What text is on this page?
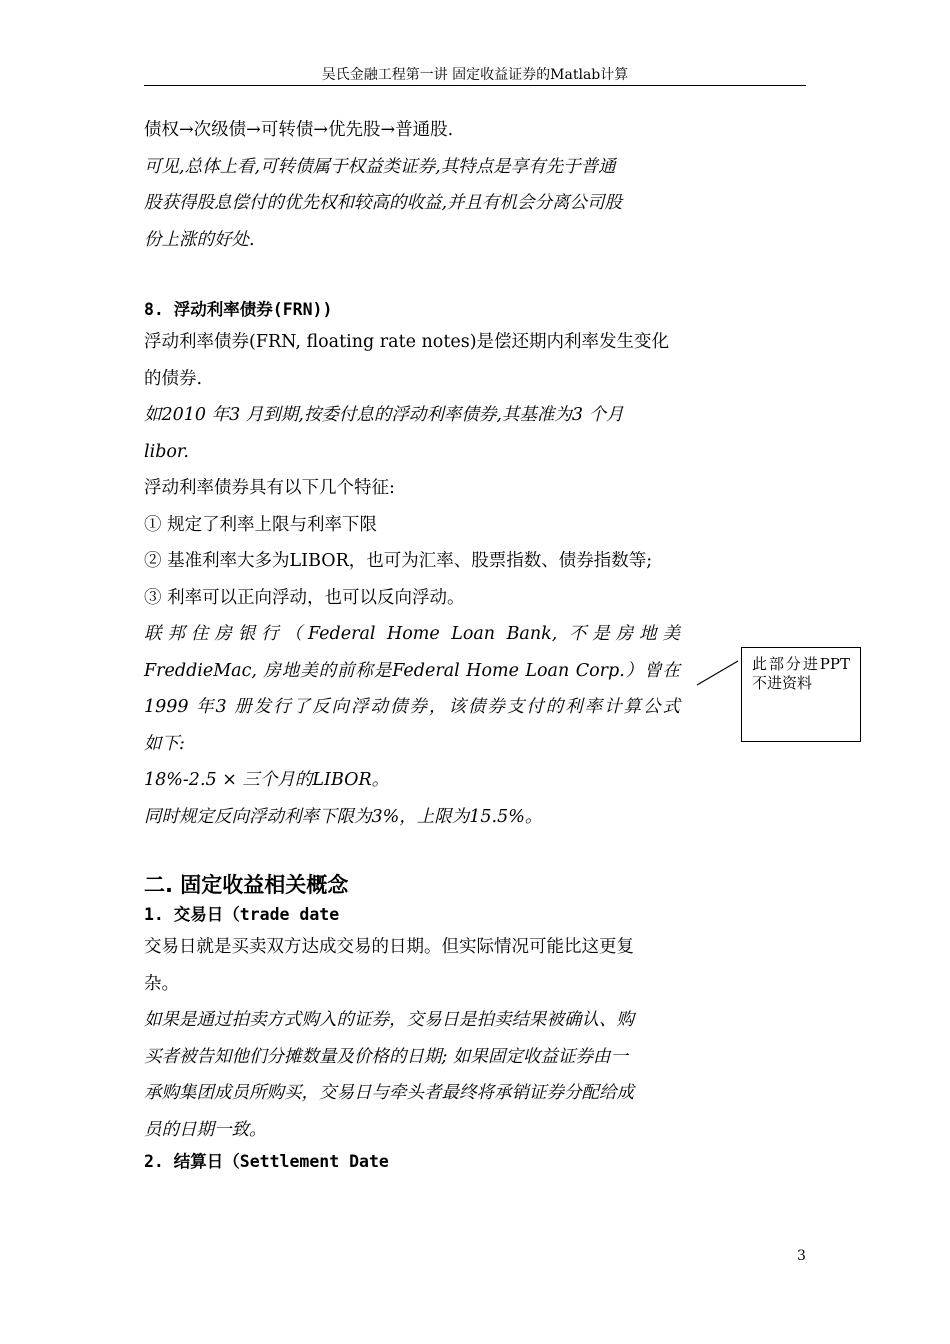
吴氏金融工程第一讲 固定收益证券的Matlab计算
债权→次级债→可转债→优先股→普通股.
可见,总体上看,可转债属于权益类证券,其特点是享有先于普通
股获得股息偿付的优先权和较高的收益,并且有机会分离公司股
份上涨的好处.
8. 浮动利率债券(FRN))
浮动利率债券(FRN, floating rate notes)是偿还期内利率发生变化
的债券.
如2010 年3 月到期,按委付息的浮动利率债券,其基准为3 个月
libor.
浮动利率债券具有以下几个特征:
① 规定了利率上限与利率下限
② 基准利率大多为LIBOR，也可为汇率、股票指数、债券指数等;
③ 利率可以正向浮动，也可以反向浮动。
联邦住房银行（Federal Home Loan Bank, 不是房地美
FreddieMac, 房地美的前称是Federal Home Loan Corp.）曾在
1999 年3 册发行了反向浮动债券，该债券支付的利率计算公式
如下:
18%-2.5 × 三个月的LIBOR。
同时规定反向浮动利率下限为3%，上限为15.5%。
二. 固定收益相关概念
1. 交易日（trade date
交易日就是买卖双方达成交易的日期。但实际情况可能比这更复
杂。
如果是通过拍卖方式购入的证券，交易日是拍卖结果被确认、购
买者被告知他们分摊数量及价格的日期; 如果固定收益证券由一
承购集团成员所购买，交易日与牵头者最终将承销证券分配给成
员的日期一致。
2. 结算日（Settlement Date
此部分进PPT不进资料
3
